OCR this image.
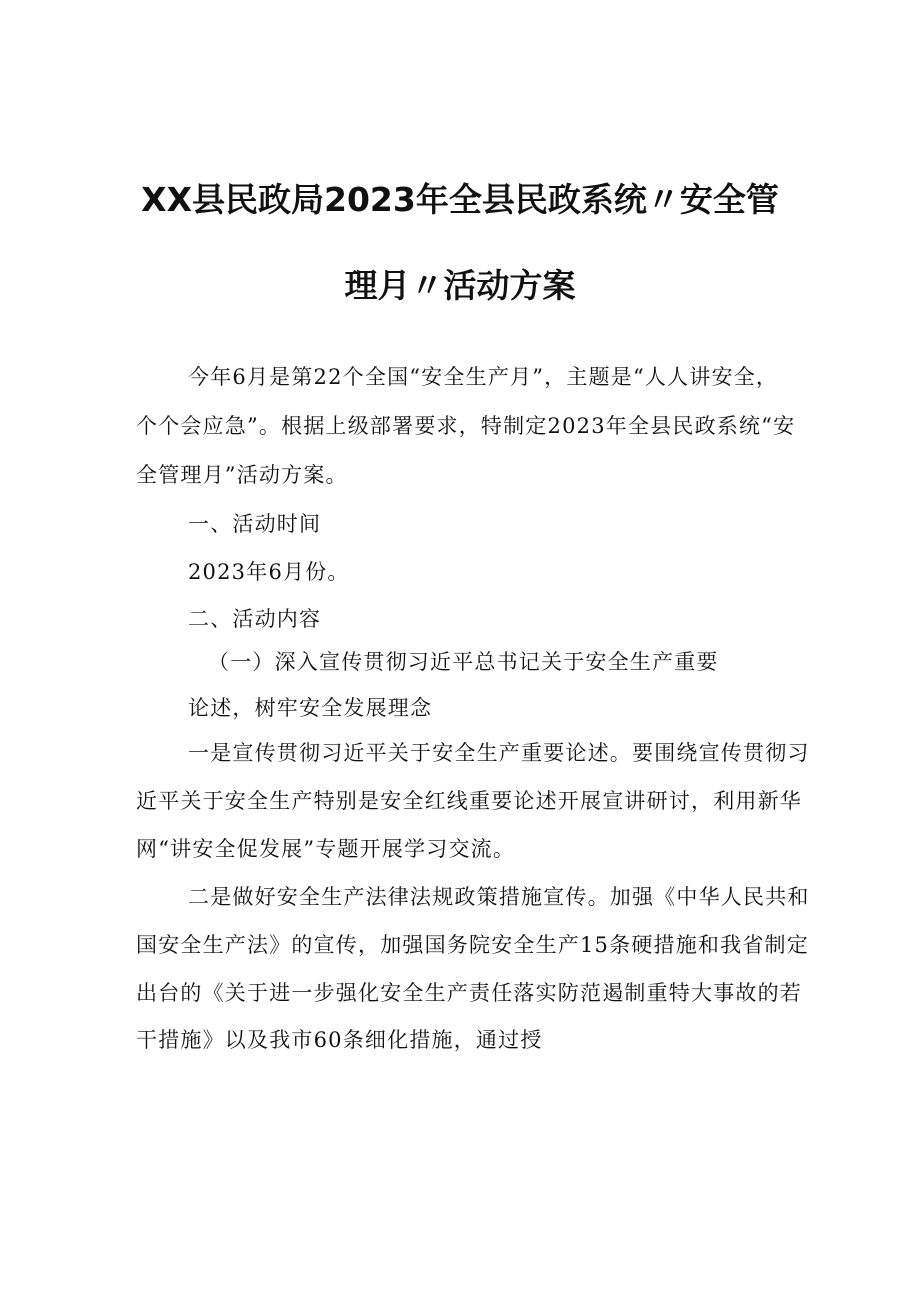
XX县民政局2023年全县民政系统〃安全管
理月〃活动方案

今年6月是第22个全国“安全生产月”，主题是“人人讲安全，

个个会应急”。根据上级部署要求，特制定2023年全县民政系统“安

全管理月”活动方案。

一、活动时间

2023年6月份。

二、活动内容

（一）深入宣传贯彻习近平总书记关于安全生产重要

论述，树牢安全发展理念

一是宣传贯彻习近平关于安全生产重要论述。要围绕宣传贯彻习

近平关于安全生产特别是安全红线重要论述开展宣讲研讨，利用新华

网“讲安全促发展”专题开展学习交流。

二是做好安全生产法律法规政策措施宣传。加强《中华人民共和

国安全生产法》的宣传，加强国务院安全生产15条硬措施和我省制定

出台的《关于进一步强化安全生产责任落实防范遏制重特大事故的若

干措施》以及我市60条细化措施，通过授
